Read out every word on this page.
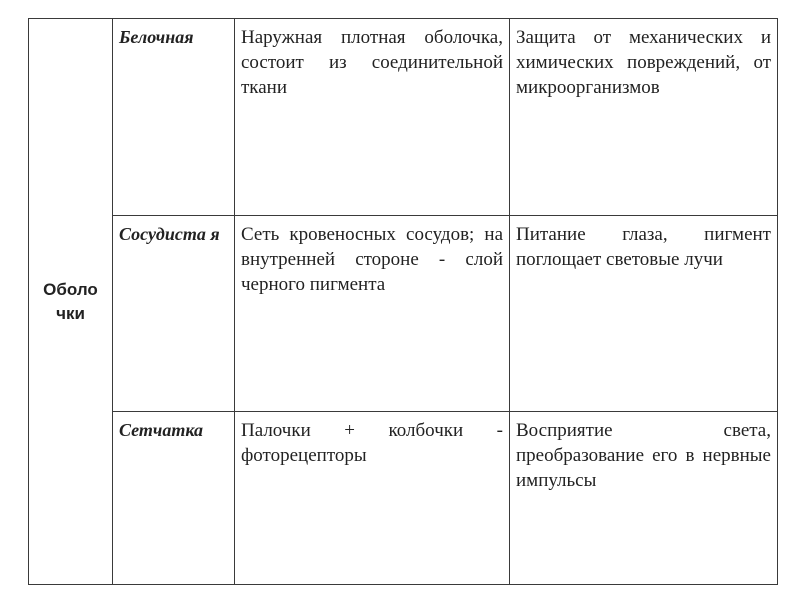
Оболо чки	Белочная	Наружная плотная оболочка, состоит из соединительной ткани	Защита от механических и химических повреждений, от микроорганизмов
	Сосудиста я	Сеть кровеносных сосудов; на внутренней стороне - слой черного пигмента	Питание глаза, пигмент поглощает световые лучи
	Сетчатка	Палочки + колбочки - фоторецепторы	Восприятие света, преобразование его в нервные импульсы
